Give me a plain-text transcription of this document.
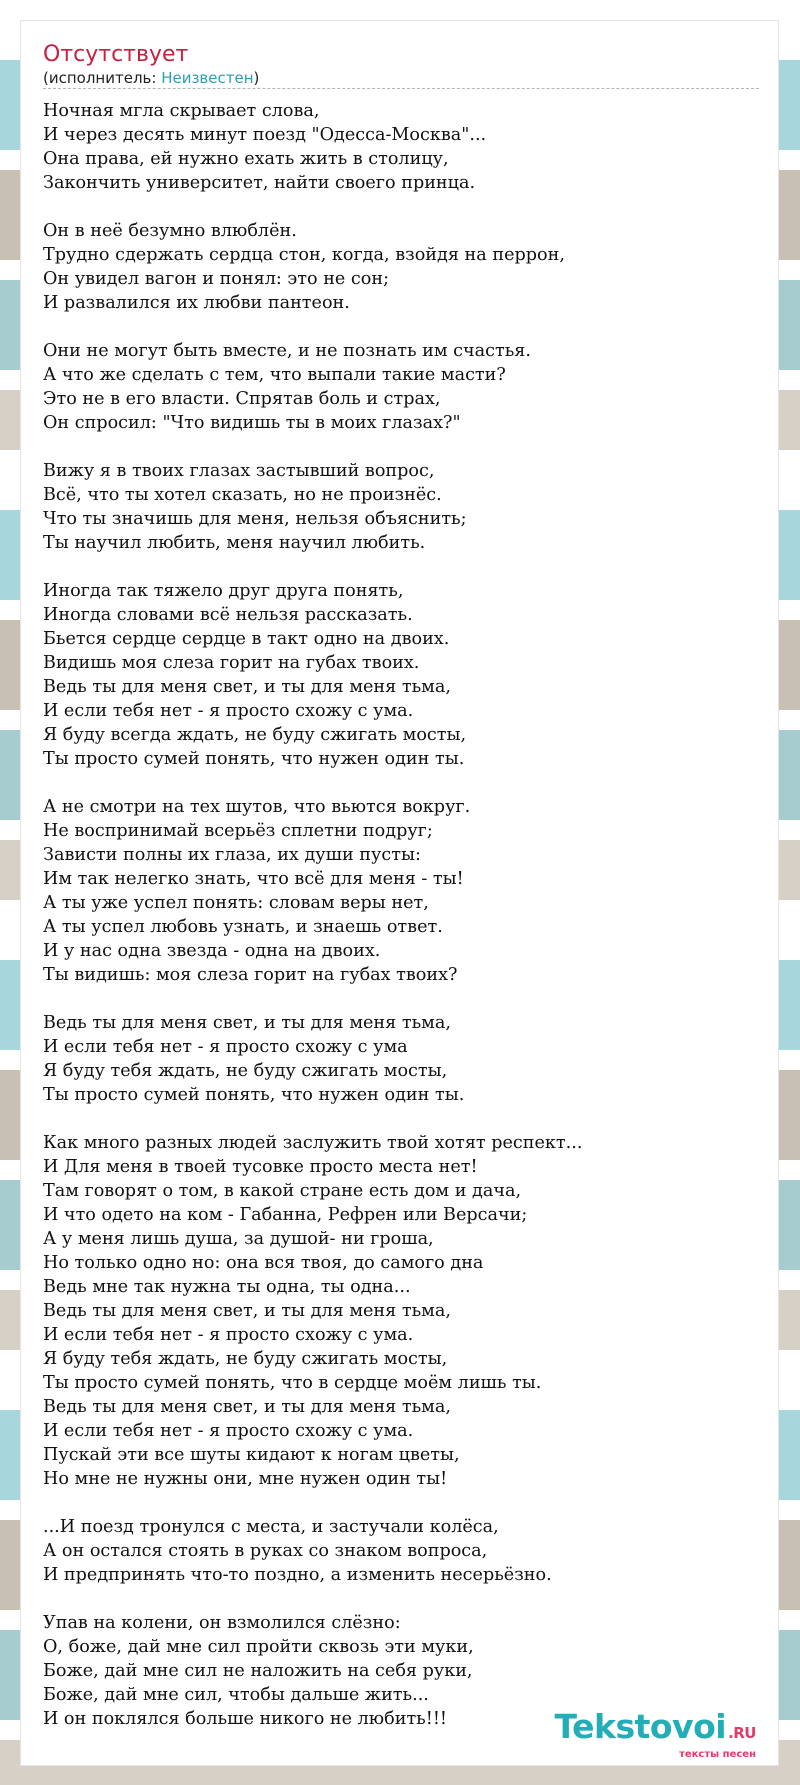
Отсутствует
(исполнитель: Неизвестен)
Ночная мгла скрывает слова,
И через десять минут поезд "Одесса-Москва"...
Она права, ей нужно ехать жить в столицу,
Закончить университет, найти своего принца.
Он в неё безумно влюблён.
Трудно сдержать сердца стон, когда, взойдя на перрон,
Он увидел вагон и понял: это не сон;
И развалился их любви пантеон.
Они не могут быть вместе, и не познать им счастья.
А что же сделать с тем, что выпали такие масти?
Это не в его власти. Спрятав боль и страх,
Он спросил: "Что видишь ты в моих глазах?"
Вижу я в твоих глазах застывший вопрос,
Всё, что ты хотел сказать, но не произнёс.
Что ты значишь для меня, нельзя объяснить;
Ты научил любить, меня научил любить.
Иногда так тяжело друг друга понять,
Иногда словами всё нельзя рассказать.
Бьется сердце сердце в такт одно на двоих.
Видишь моя слеза горит на губах твоих.
Ведь ты для меня свет, и ты для меня тьма,
И если тебя нет - я просто схожу с ума.
Я буду всегда ждать, не буду сжигать мосты,
Ты просто сумей понять, что нужен один ты.
А не смотри на тех шутов, что вьются вокруг.
Не воспринимай всерьёз сплетни подруг;
Зависти полны их глаза, их души пусты:
Им так нелегко знать, что всё для меня - ты!
А ты уже успел понять: словам веры нет,
А ты успел любовь узнать, и знаешь ответ.
И у нас одна звезда - одна на двоих.
Ты видишь: моя слеза горит на губах твоих?
Ведь ты для меня свет, и ты для меня тьма,
И если тебя нет - я просто схожу с ума
Я буду тебя ждать, не буду сжигать мосты,
Ты просто сумей понять, что нужен один ты.
Как много разных людей заслужить твой хотят респект...
И Для меня в твоей тусовке просто места нет!
Там говорят о том, в какой стране есть дом и дача,
И что одето на ком - Габанна, Рефрен или Версачи;
А у меня лишь душа, за душой- ни гроша,
Но только одно но: она вся твоя, до самого дна
Ведь мне так нужна ты одна, ты одна...
Ведь ты для меня свет, и ты для меня тьма,
И если тебя нет - я просто схожу с ума.
Я буду тебя ждать, не буду сжигать мосты,
Ты просто сумей понять, что в сердце моём лишь ты.
Ведь ты для меня свет, и ты для меня тьма,
И если тебя нет - я просто схожу с ума.
Пускай эти все шуты кидают к ногам цветы,
Но мне не нужны они, мне нужен один ты!
...И поезд тронулся с места, и застучали колёса,
А он остался стоять в руках со знаком вопроса,
И предпринять что-то поздно, а изменить несерьёзно.
Упав на колени, он взмолился слёзно:
О, боже, дай мне сил пройти сквозь эти муки,
Боже, дай мне сил не наложить на себя руки,
Боже, дай мне сил, чтобы дальше жить...
И он поклялся больше никого не любить!!!	Tekstovoi .RU
тексты песен
